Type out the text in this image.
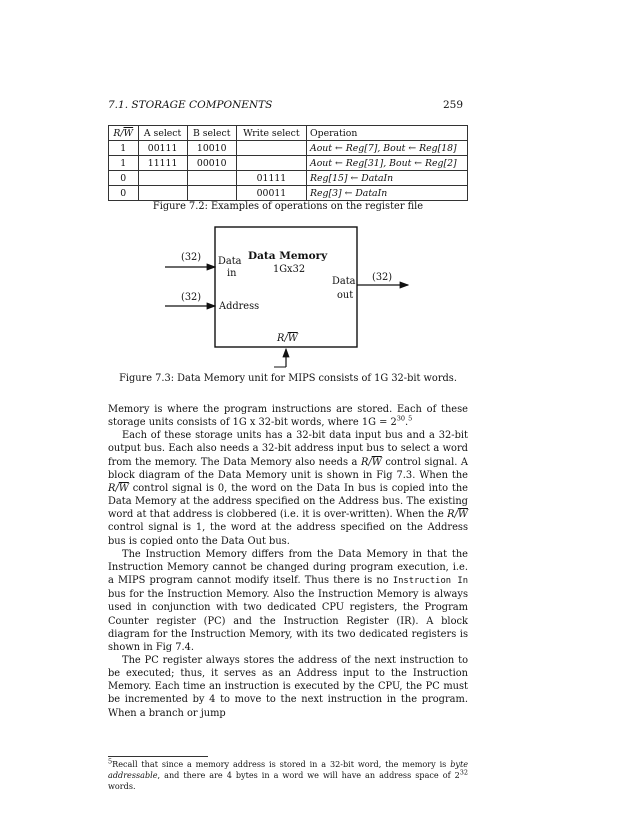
7.1. STORAGE COMPONENTS	259
$R/\overline{W}$	A select	B select	Write select	Operation
1	00111	10010		Aout ← Reg[7], Bout ← Reg[18]
1	11111	00010		Aout ← Reg[31], Bout ← Reg[2]
0			01111	Reg[15] ← DataIn
0			00011	Reg[3] ← DataIn
Figure 7.2: Examples of operations on the register file
Data Memory
1Gx32
Data
in
Address
Data
out
(32)
(32)
(32)
$R/\overline{W}$
Figure 7.3: Data Memory unit for MIPS consists of 1G 32-bit words.

Memory is where the program instructions are stored. Each of these storage units consists of 1G x 32-bit words, where $1G = 2^{30}.^5$

Each of these storage units has a 32-bit data input bus and a 32-bit output bus. Each also needs a 32-bit address input bus to select a word from the memory. The Data Memory also needs a $R/\overline{W}$ control signal. A block diagram of the Data Memory unit is shown in Fig 7.3. When the $R/\overline{W}$ control signal is 0, the word on the Data In bus is copied into the Data Memory at the address specified on the Address bus. The existing word at that address is clobbered (i.e. it is over-written). When the $R/\overline{W}$ control signal is 1, the word at the address specified on the Address bus is copied onto the Data Out bus.

The Instruction Memory differs from the Data Memory in that the Instruction Memory cannot be changed during program execution, i.e. a MIPS program cannot modify itself. Thus there is no Instruction In bus for the Instruction Memory. Also the Instruction Memory is always used in conjunction with two dedicated CPU registers, the Program Counter register (PC) and the Instruction Register (IR). A block diagram for the Instruction Memory, with its two dedicated registers is shown in Fig 7.4.

The PC register always stores the address of the next instruction to be executed; thus, it serves as an Address input to the Instruction Memory. Each time an instruction is executed by the CPU, the PC must be incremented by 4 to move to the next instruction in the program. When a branch or jump

$^5$Recall that since a memory address is stored in a 32-bit word, the memory is byte addressable, and there are 4 bytes in a word we will have an address space of $2^{32}$ words.
